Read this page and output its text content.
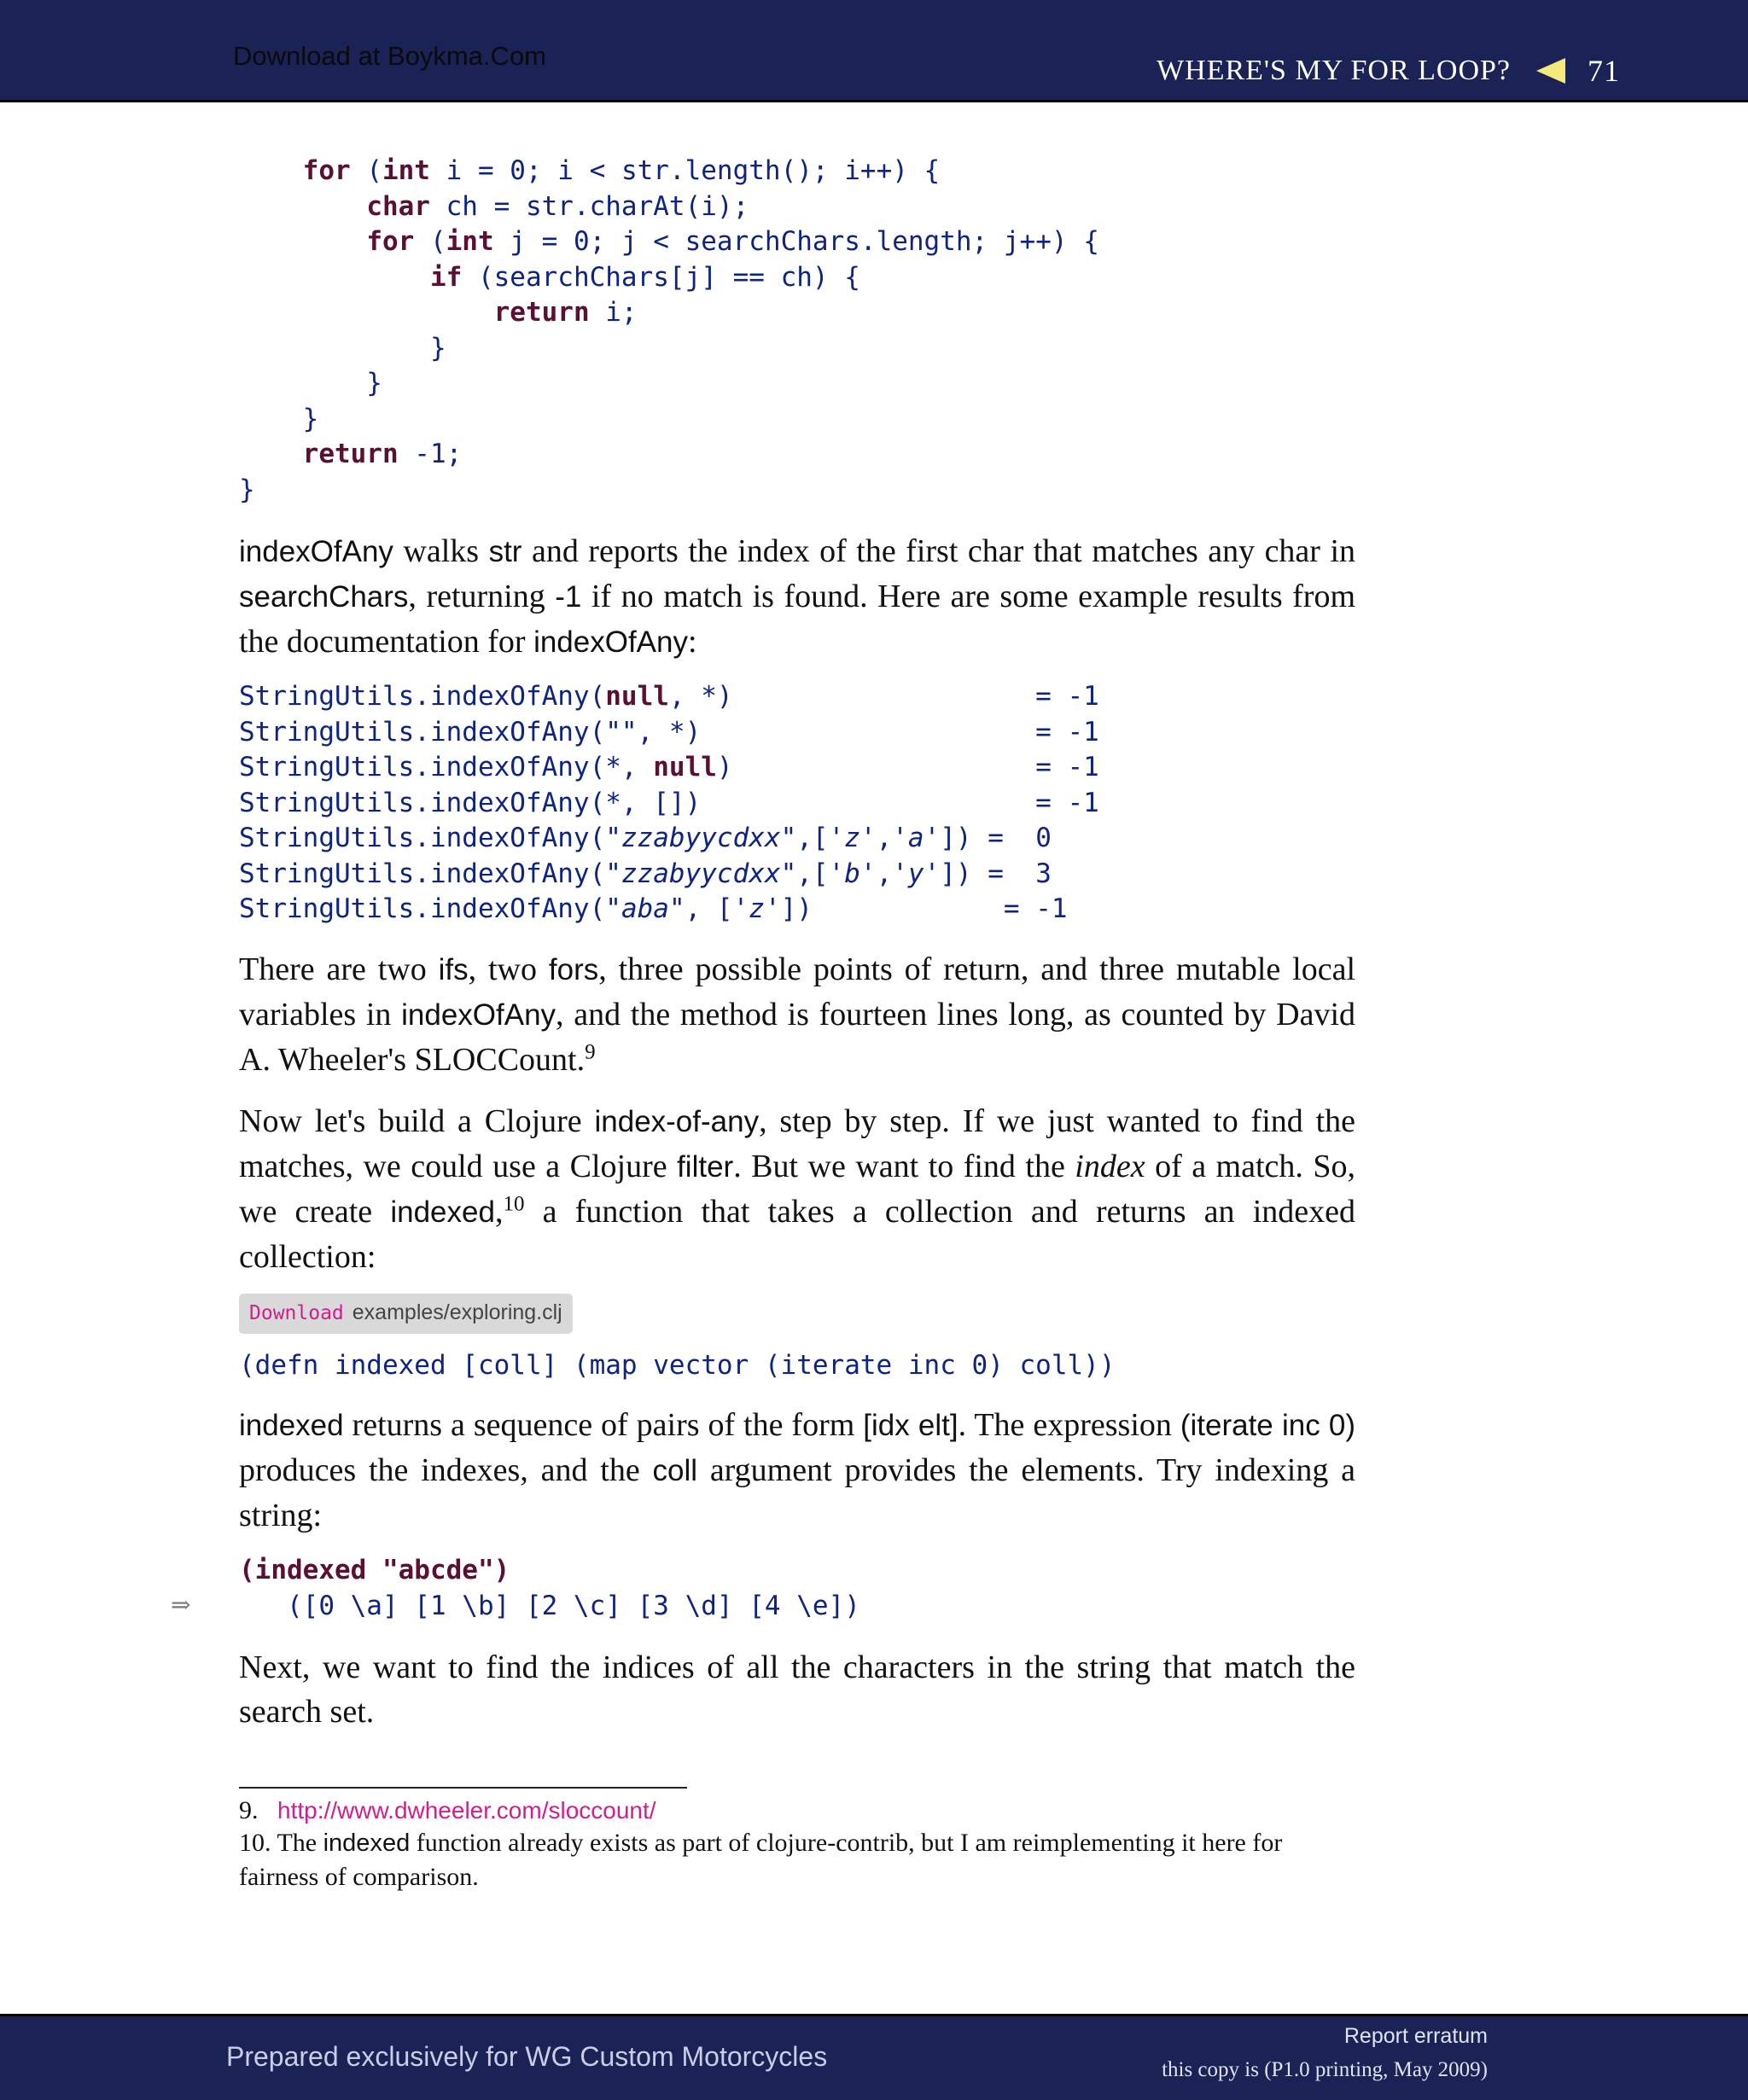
Download at Boykma.Com	WHERE'S MY FOR LOOP?	71
for (int i = 0; i < str.length(); i++) {
char ch = str.charAt(i);
for (int j = 0; j < searchChars.length; j++) {
if (searchChars[j] == ch) {
return i;
}
}
}
return -1;
}

indexOfAny walks str and reports the index of the first char that matches any char in searchChars, returning -1 if no match is found. Here are some example results from the documentation for indexOfAny:

StringUtils.indexOfAny(null, *)                   = -1
StringUtils.indexOfAny("", *)                     = -1
StringUtils.indexOfAny(*, null)                   = -1
StringUtils.indexOfAny(*, [])                     = -1
StringUtils.indexOfAny("zzabyycdxx",['z','a']) =  0
StringUtils.indexOfAny("zzabyycdxx",['b','y']) =  3
StringUtils.indexOfAny("aba", ['z'])            = -1

There are two ifs, two fors, three possible points of return, and three mutable local variables in indexOfAny, and the method is fourteen lines long, as counted by David A. Wheeler's SLOCCount.$^9$

Now let's build a Clojure index-of-any, step by step. If we just wanted to find the matches, we could use a Clojure filter. But we want to find the index of a match. So, we create indexed,$^{10}$ a function that takes a collection and returns an indexed collection:

Download examples/exploring.clj
(defn indexed [coll] (map vector (iterate inc 0) coll))

indexed returns a sequence of pairs of the form [idx elt]. The expression (iterate inc 0) produces the indexes, and the coll argument provides the elements. Try indexing a string:

(indexed "abcde")
([0 \a] [1 \b] [2 \c] [3 \d] [4 \e])

Next, we want to find the indices of all the characters in the string that match the search set.

⇒
9. http://www.dwheeler.com/sloccount/
10. The indexed function already exists as part of clojure-contrib, but I am reimplementing it here for fairness of comparison.
Prepared exclusively for WG Custom Motorcycles
Report erratum
this copy is (P1.0 printing, May 2009)
